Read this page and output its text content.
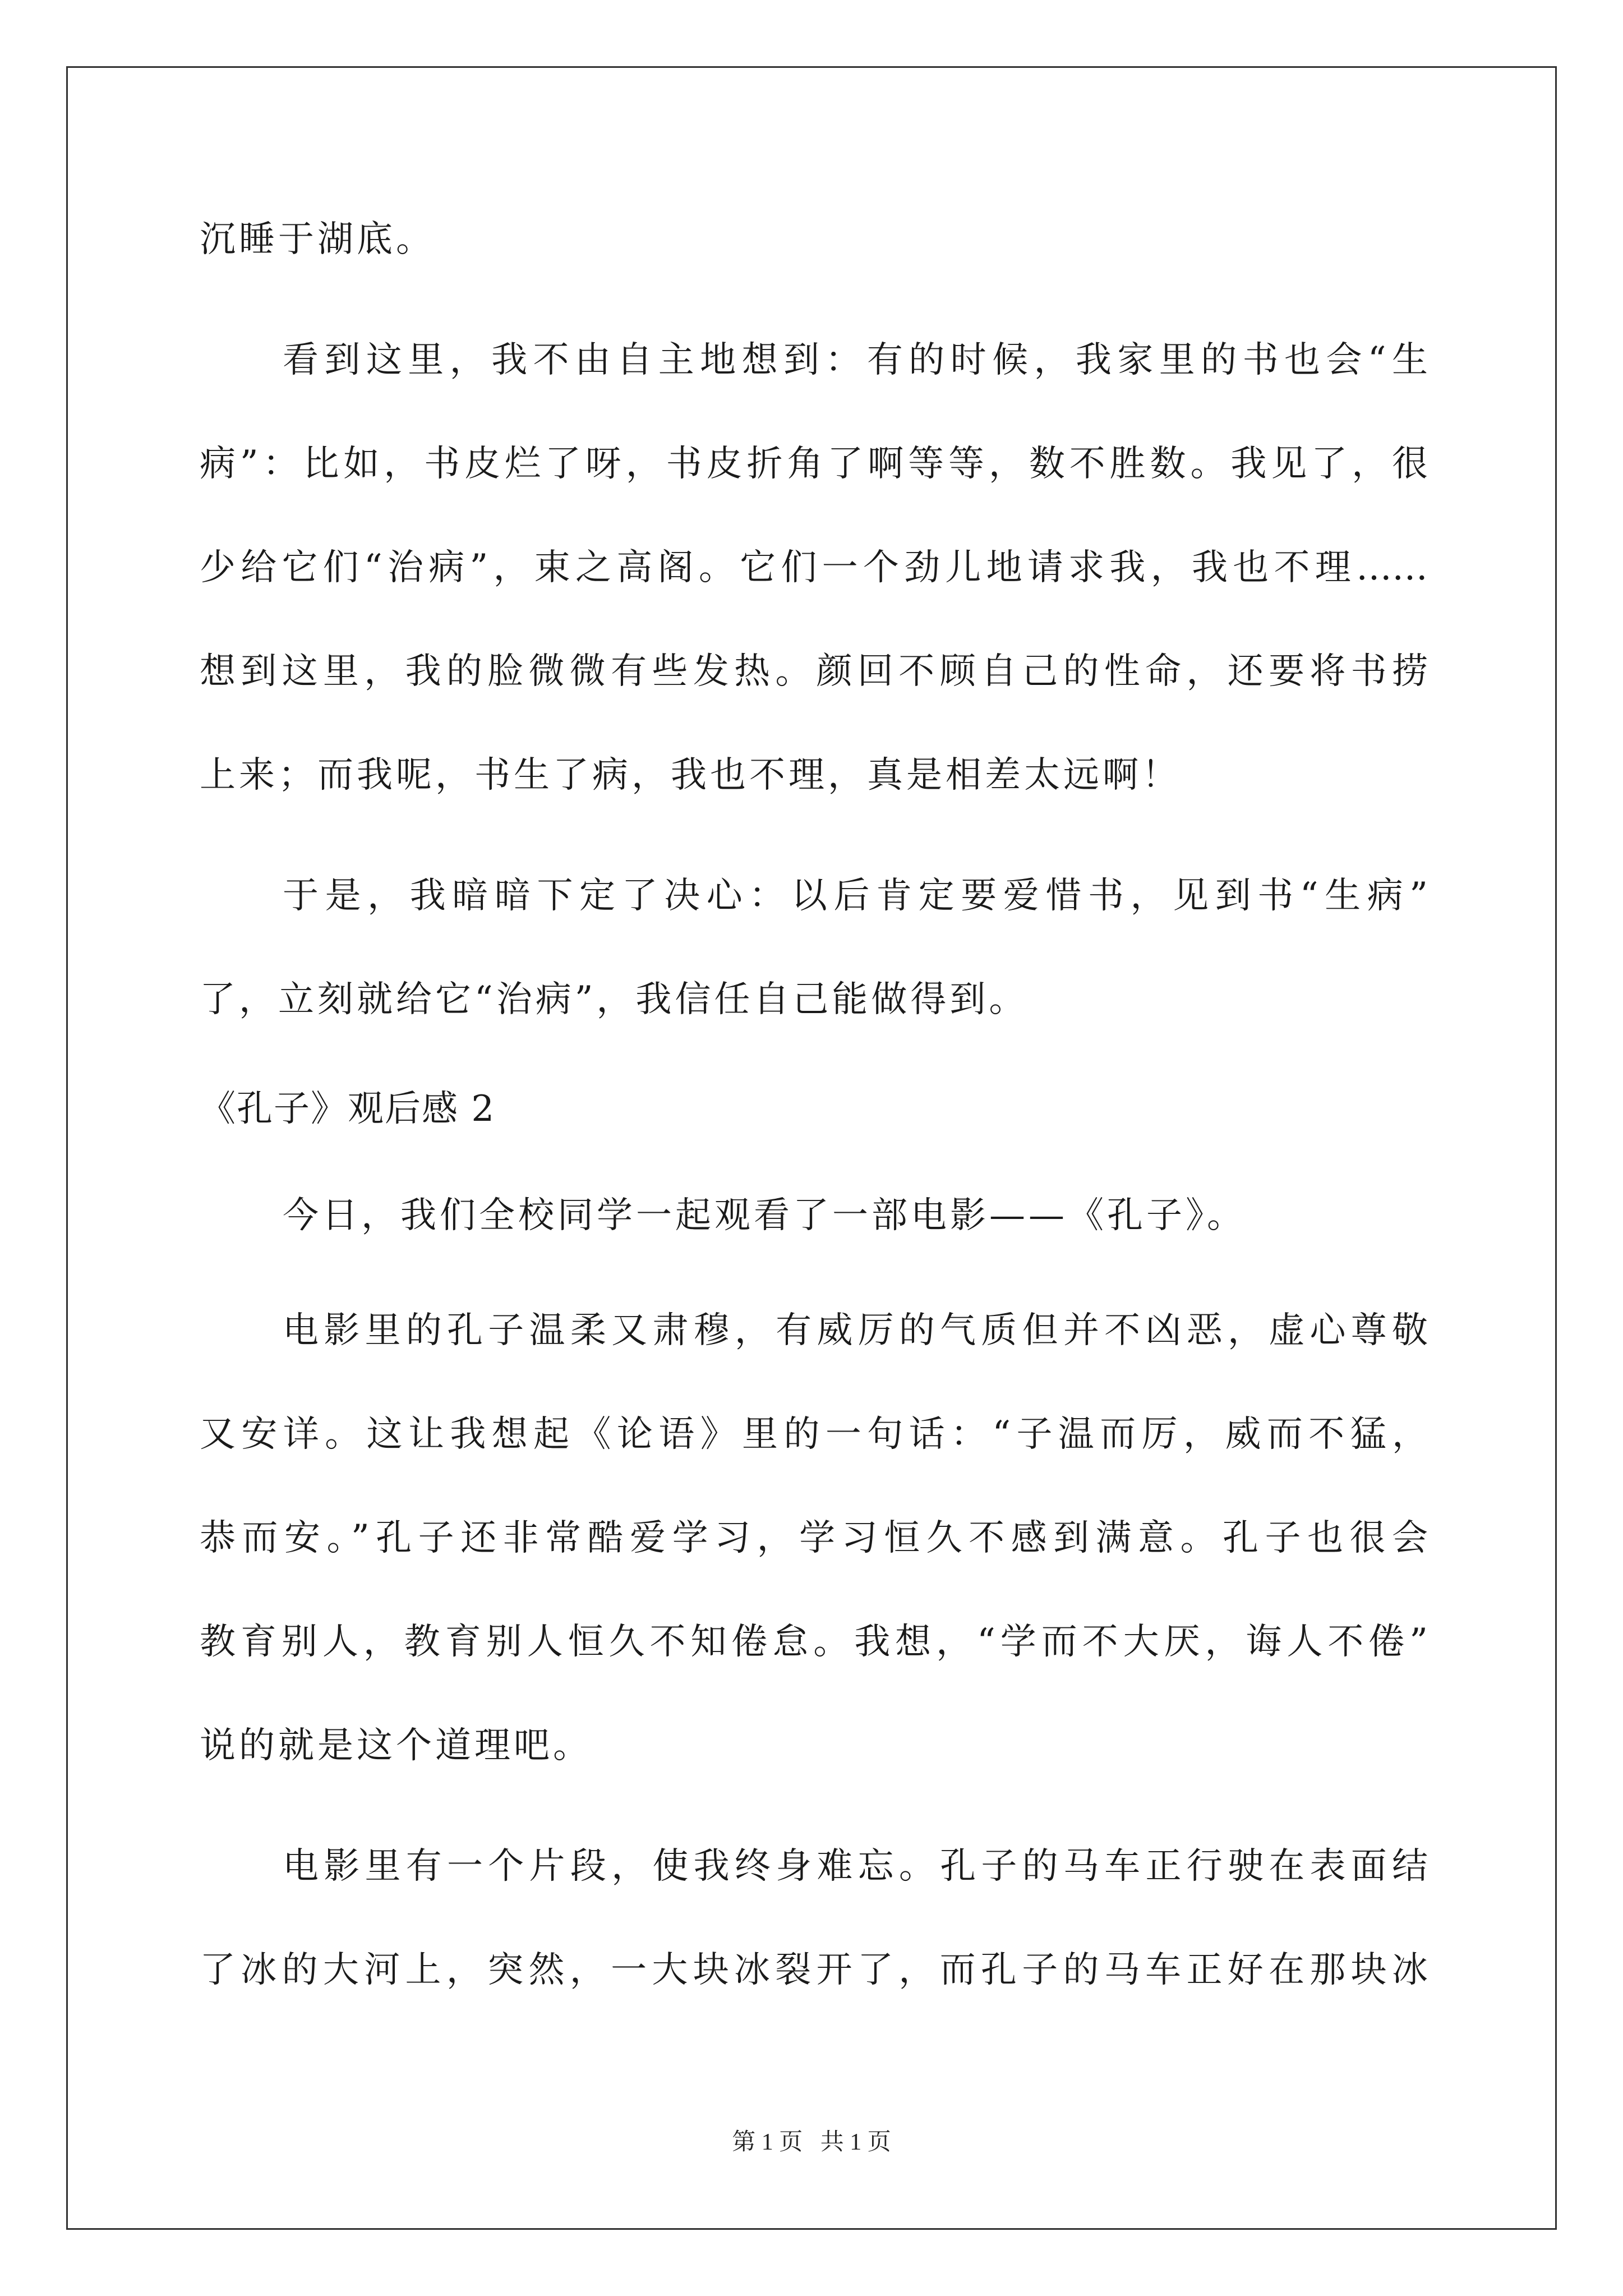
沉睡于湖底。
看到这里，我不由自主地想到：有的时候，我家里的书也会“生
病”：比如，书皮烂了呀，书皮折角了啊等等，数不胜数。我见了，很
少给它们“治病”，束之高阁。它们一个劲儿地请求我，我也不理……
想到这里，我的脸微微有些发热。颜回不顾自己的性命，还要将书捞
上来；而我呢，书生了病，我也不理，真是相差太远啊！
于是，我暗暗下定了决心：以后肯定要爱惜书，见到书“生病”
了，立刻就给它“治病”，我信任自己能做得到。
《孔子》观后感 2
今日，我们全校同学一起观看了一部电影——《孔子》。
电影里的孔子温柔又肃穆，有威厉的气质但并不凶恶，虚心尊敬
又安详。这让我想起《论语》里的一句话：“子温而厉，威而不猛，
恭而安。”孔子还非常酷爱学习，学习恒久不感到满意。孔子也很会
教育别人，教育别人恒久不知倦怠。我想，“学而不大厌，诲人不倦”
说的就是这个道理吧。
电影里有一个片段，使我终身难忘。孔子的马车正行驶在表面结
了冰的大河上，突然，一大块冰裂开了，而孔子的马车正好在那块冰
第 1 页   共 1 页
